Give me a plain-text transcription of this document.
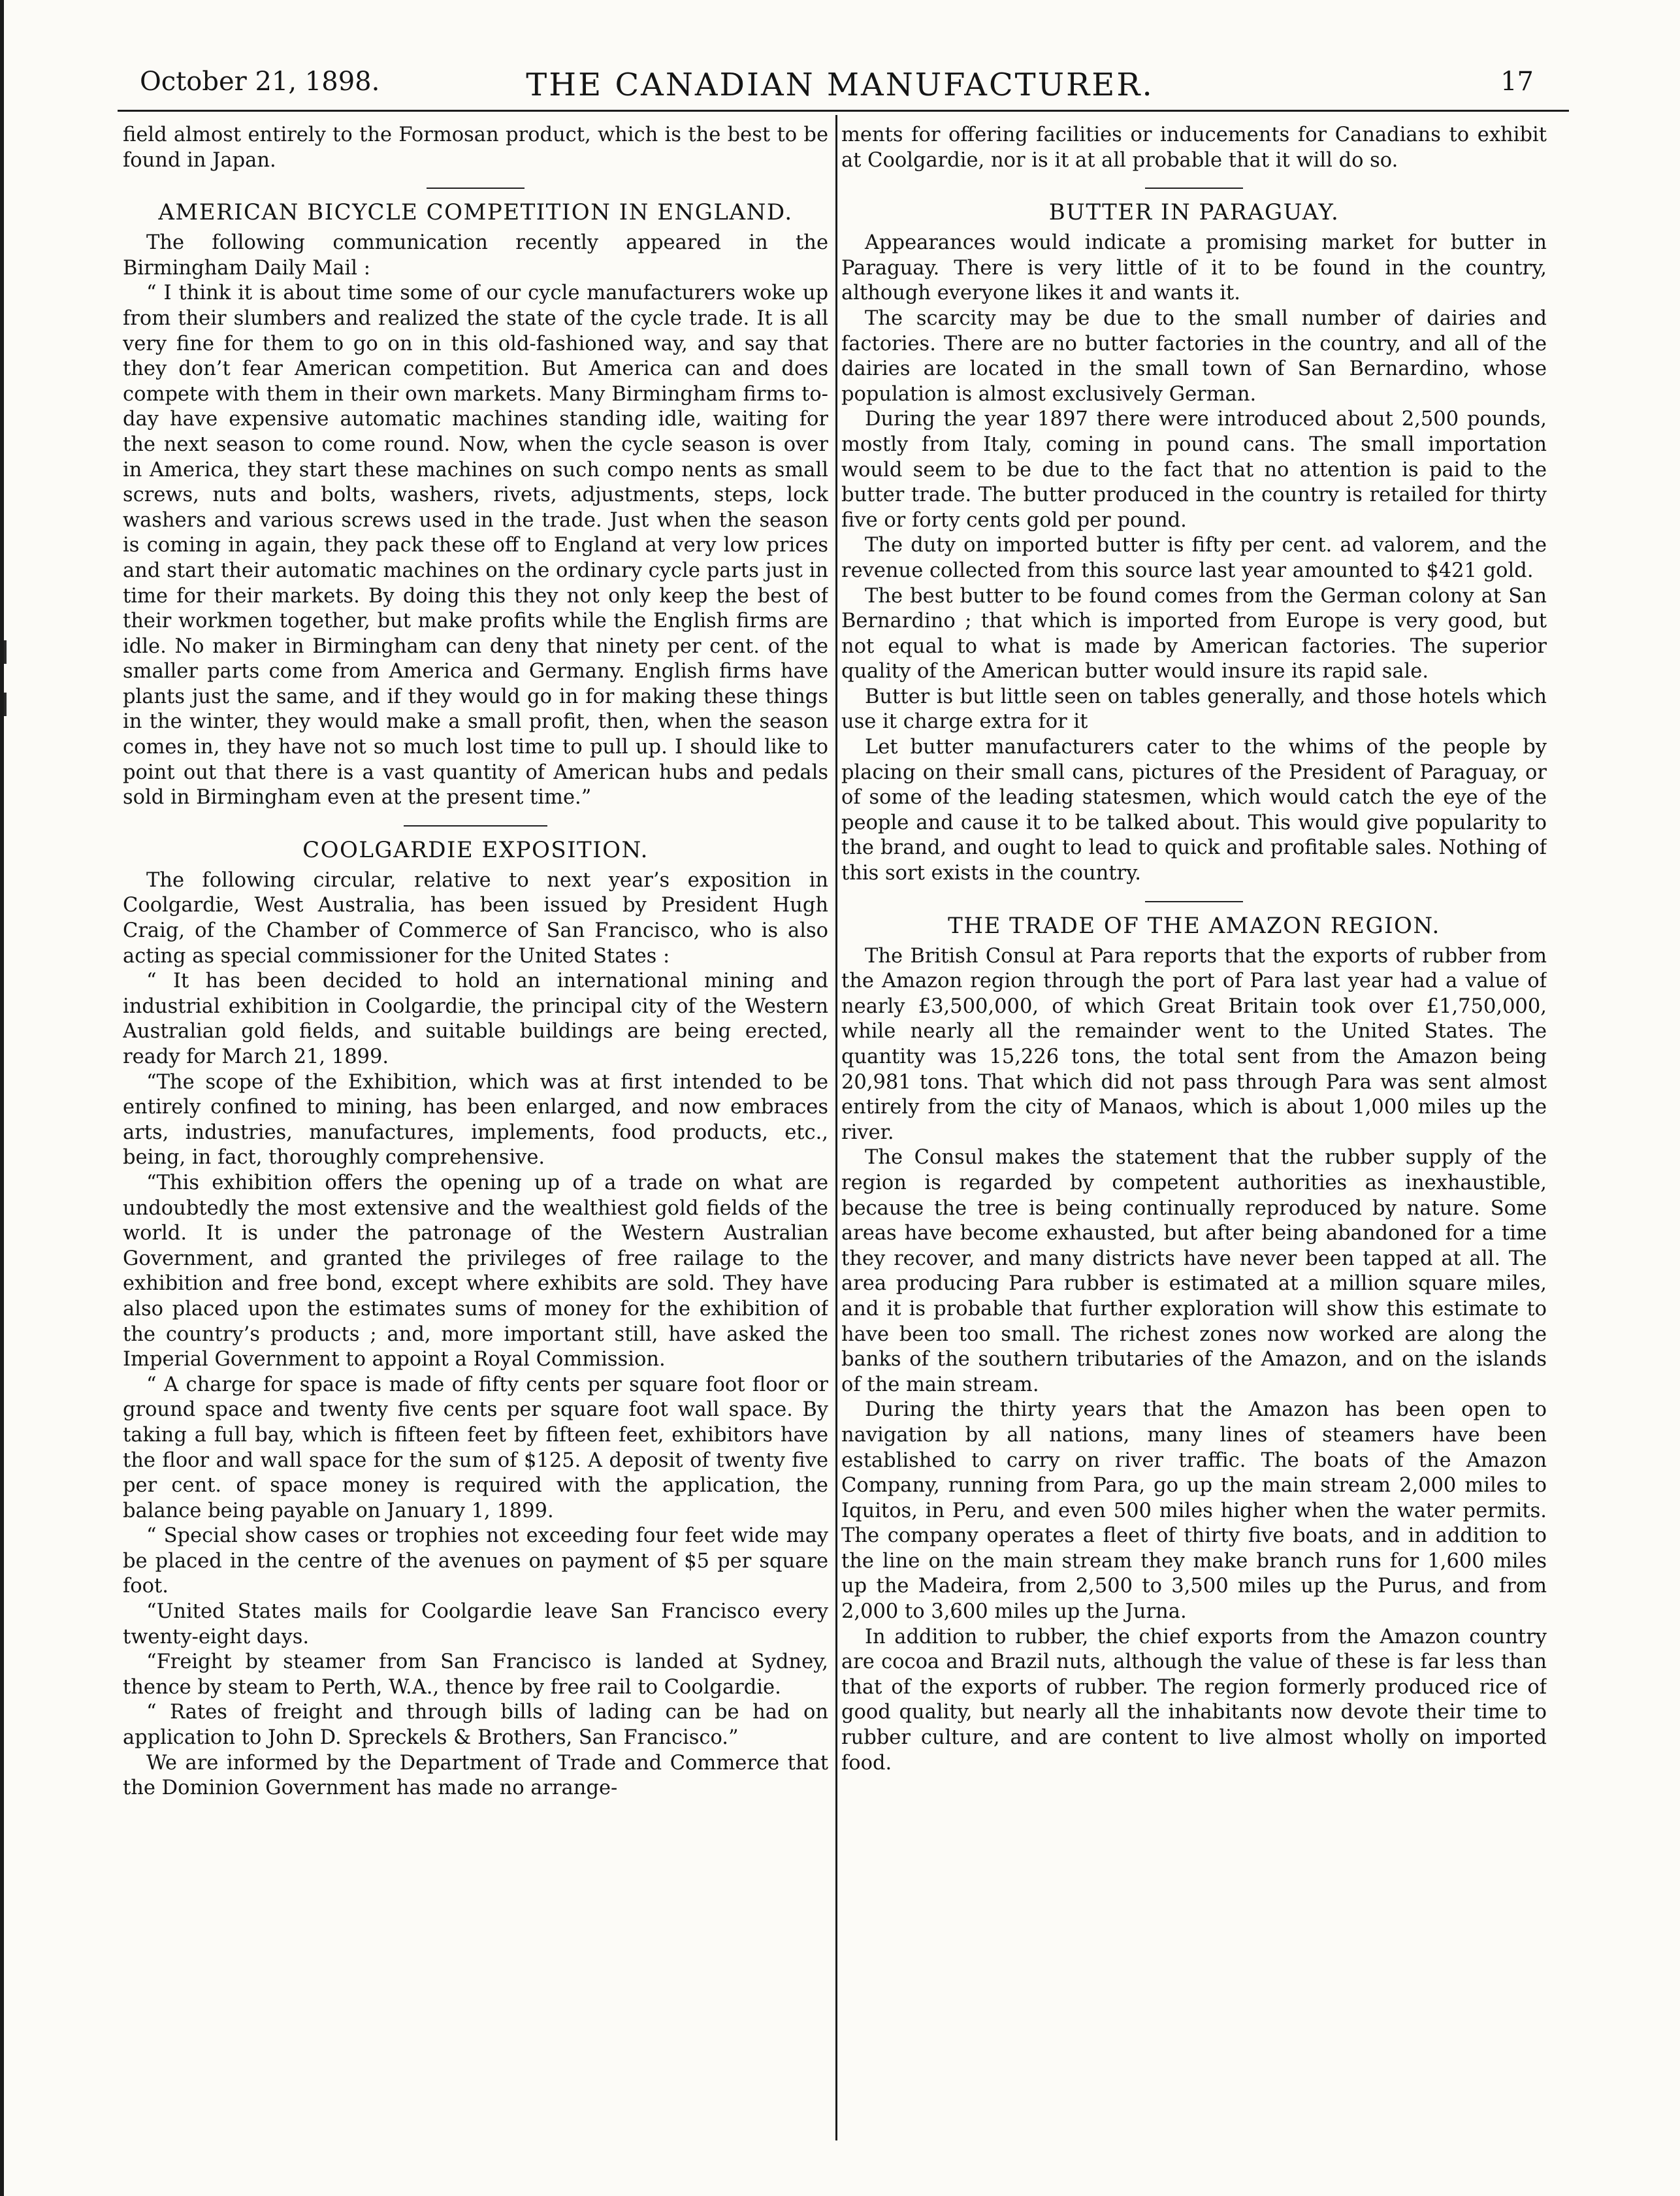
October 21, 1898.	THE CANADIAN MANUFACTURER.	17

field almost entirely to the Formosan product, which is the best to be found in Japan.

AMERICAN BICYCLE COMPETITION IN ENGLAND.

The following communication recently appeared in the Birmingham Daily Mail :

“ I think it is about time some of our cycle manufacturers woke up from their slumbers and realized the state of the cycle trade. It is all very fine for them to go on in this old-fashioned way, and say that they don’t fear American competition. But America can and does compete with them in their own markets. Many Birmingham firms to-day have expensive automatic machines standing idle, waiting for the next season to come round. Now, when the cycle season is over in America, they start these machines on such compo nents as small screws, nuts and bolts, washers, rivets, adjustments, steps, lock washers and various screws used in the trade. Just when the season is coming in again, they pack these off to England at very low prices and start their automatic machines on the ordinary cycle parts just in time for their markets. By doing this they not only keep the best of their workmen together, but make profits while the English firms are idle. No maker in Birmingham can deny that ninety per cent. of the smaller parts come from America and Germany. English firms have plants just the same, and if they would go in for making these things in the winter, they would make a small profit, then, when the season comes in, they have not so much lost time to pull up. I should like to point out that there is a vast quantity of American hubs and pedals sold in Birmingham even at the present time.”

COOLGARDIE EXPOSITION.

The following circular, relative to next year’s exposition in Coolgardie, West Australia, has been issued by President Hugh Craig, of the Chamber of Commerce of San Francisco, who is also acting as special commissioner for the United States :

“ It has been decided to hold an international mining and industrial exhibition in Coolgardie, the principal city of the Western Australian gold fields, and suitable buildings are being erected, ready for March 21, 1899.

“The scope of the Exhibition, which was at first intended to be entirely confined to mining, has been enlarged, and now embraces arts, industries, manufactures, implements, food products, etc., being, in fact, thoroughly comprehensive.

“This exhibition offers the opening up of a trade on what are undoubtedly the most extensive and the wealthiest gold fields of the world. It is under the patronage of the Western Australian Government, and granted the privileges of free railage to the exhibition and free bond, except where exhibits are sold. They have also placed upon the estimates sums of money for the exhibition of the country’s products ; and, more important still, have asked the Imperial Government to appoint a Royal Commission.

“ A charge for space is made of fifty cents per square foot floor or ground space and twenty five cents per square foot wall space. By taking a full bay, which is fifteen feet by fifteen feet, exhibitors have the floor and wall space for the sum of $125. A deposit of twenty five per cent. of space money is required with the application, the balance being payable on January 1, 1899.

“ Special show cases or trophies not exceeding four feet wide may be placed in the centre of the avenues on payment of $5 per square foot.

“United States mails for Coolgardie leave San Francisco every twenty-eight days.

“Freight by steamer from San Francisco is landed at Sydney, thence by steam to Perth, W.A., thence by free rail to Coolgardie.

“ Rates of freight and through bills of lading can be had on application to John D. Spreckels & Brothers, San Francisco.”

We are informed by the Department of Trade and Commerce that the Dominion Government has made no arrange-

ments for offering facilities or inducements for Canadians to exhibit at Coolgardie, nor is it at all probable that it will do so.

BUTTER IN PARAGUAY.

Appearances would indicate a promising market for butter in Paraguay. There is very little of it to be found in the country, although everyone likes it and wants it.

The scarcity may be due to the small number of dairies and factories. There are no butter factories in the country, and all of the dairies are located in the small town of San Bernardino, whose population is almost exclusively German.

During the year 1897 there were introduced about 2,500 pounds, mostly from Italy, coming in pound cans. The small importation would seem to be due to the fact that no attention is paid to the butter trade. The butter produced in the country is retailed for thirty five or forty cents gold per pound.

The duty on imported butter is fifty per cent. ad valorem, and the revenue collected from this source last year amounted to $421 gold.

The best butter to be found comes from the German colony at San Bernardino ; that which is imported from Europe is very good, but not equal to what is made by American factories. The superior quality of the American butter would insure its rapid sale.

Butter is but little seen on tables generally, and those hotels which use it charge extra for it

Let butter manufacturers cater to the whims of the people by placing on their small cans, pictures of the President of Paraguay, or of some of the leading statesmen, which would catch the eye of the people and cause it to be talked about. This would give popularity to the brand, and ought to lead to quick and profitable sales. Nothing of this sort exists in the country.

THE TRADE OF THE AMAZON REGION.

The British Consul at Para reports that the exports of rubber from the Amazon region through the port of Para last year had a value of nearly £3,500,000, of which Great Britain took over £1,750,000, while nearly all the remainder went to the United States. The quantity was 15,226 tons, the total sent from the Amazon being 20,981 tons. That which did not pass through Para was sent almost entirely from the city of Manaos, which is about 1,000 miles up the river.

The Consul makes the statement that the rubber supply of the region is regarded by competent authorities as inexhaustible, because the tree is being continually reproduced by nature. Some areas have become exhausted, but after being abandoned for a time they recover, and many districts have never been tapped at all. The area producing Para rubber is estimated at a million square miles, and it is probable that further exploration will show this estimate to have been too small. The richest zones now worked are along the banks of the southern tributaries of the Amazon, and on the islands of the main stream.

During the thirty years that the Amazon has been open to navigation by all nations, many lines of steamers have been established to carry on river traffic. The boats of the Amazon Company, running from Para, go up the main stream 2,000 miles to Iquitos, in Peru, and even 500 miles higher when the water permits. The company operates a fleet of thirty five boats, and in addition to the line on the main stream they make branch runs for 1,600 miles up the Madeira, from 2,500 to 3,500 miles up the Purus, and from 2,000 to 3,600 miles up the Jurna.

In addition to rubber, the chief exports from the Amazon country are cocoa and Brazil nuts, although the value of these is far less than that of the exports of rubber. The region formerly produced rice of good quality, but nearly all the inhabitants now devote their time to rubber culture, and are content to live almost wholly on imported food.
